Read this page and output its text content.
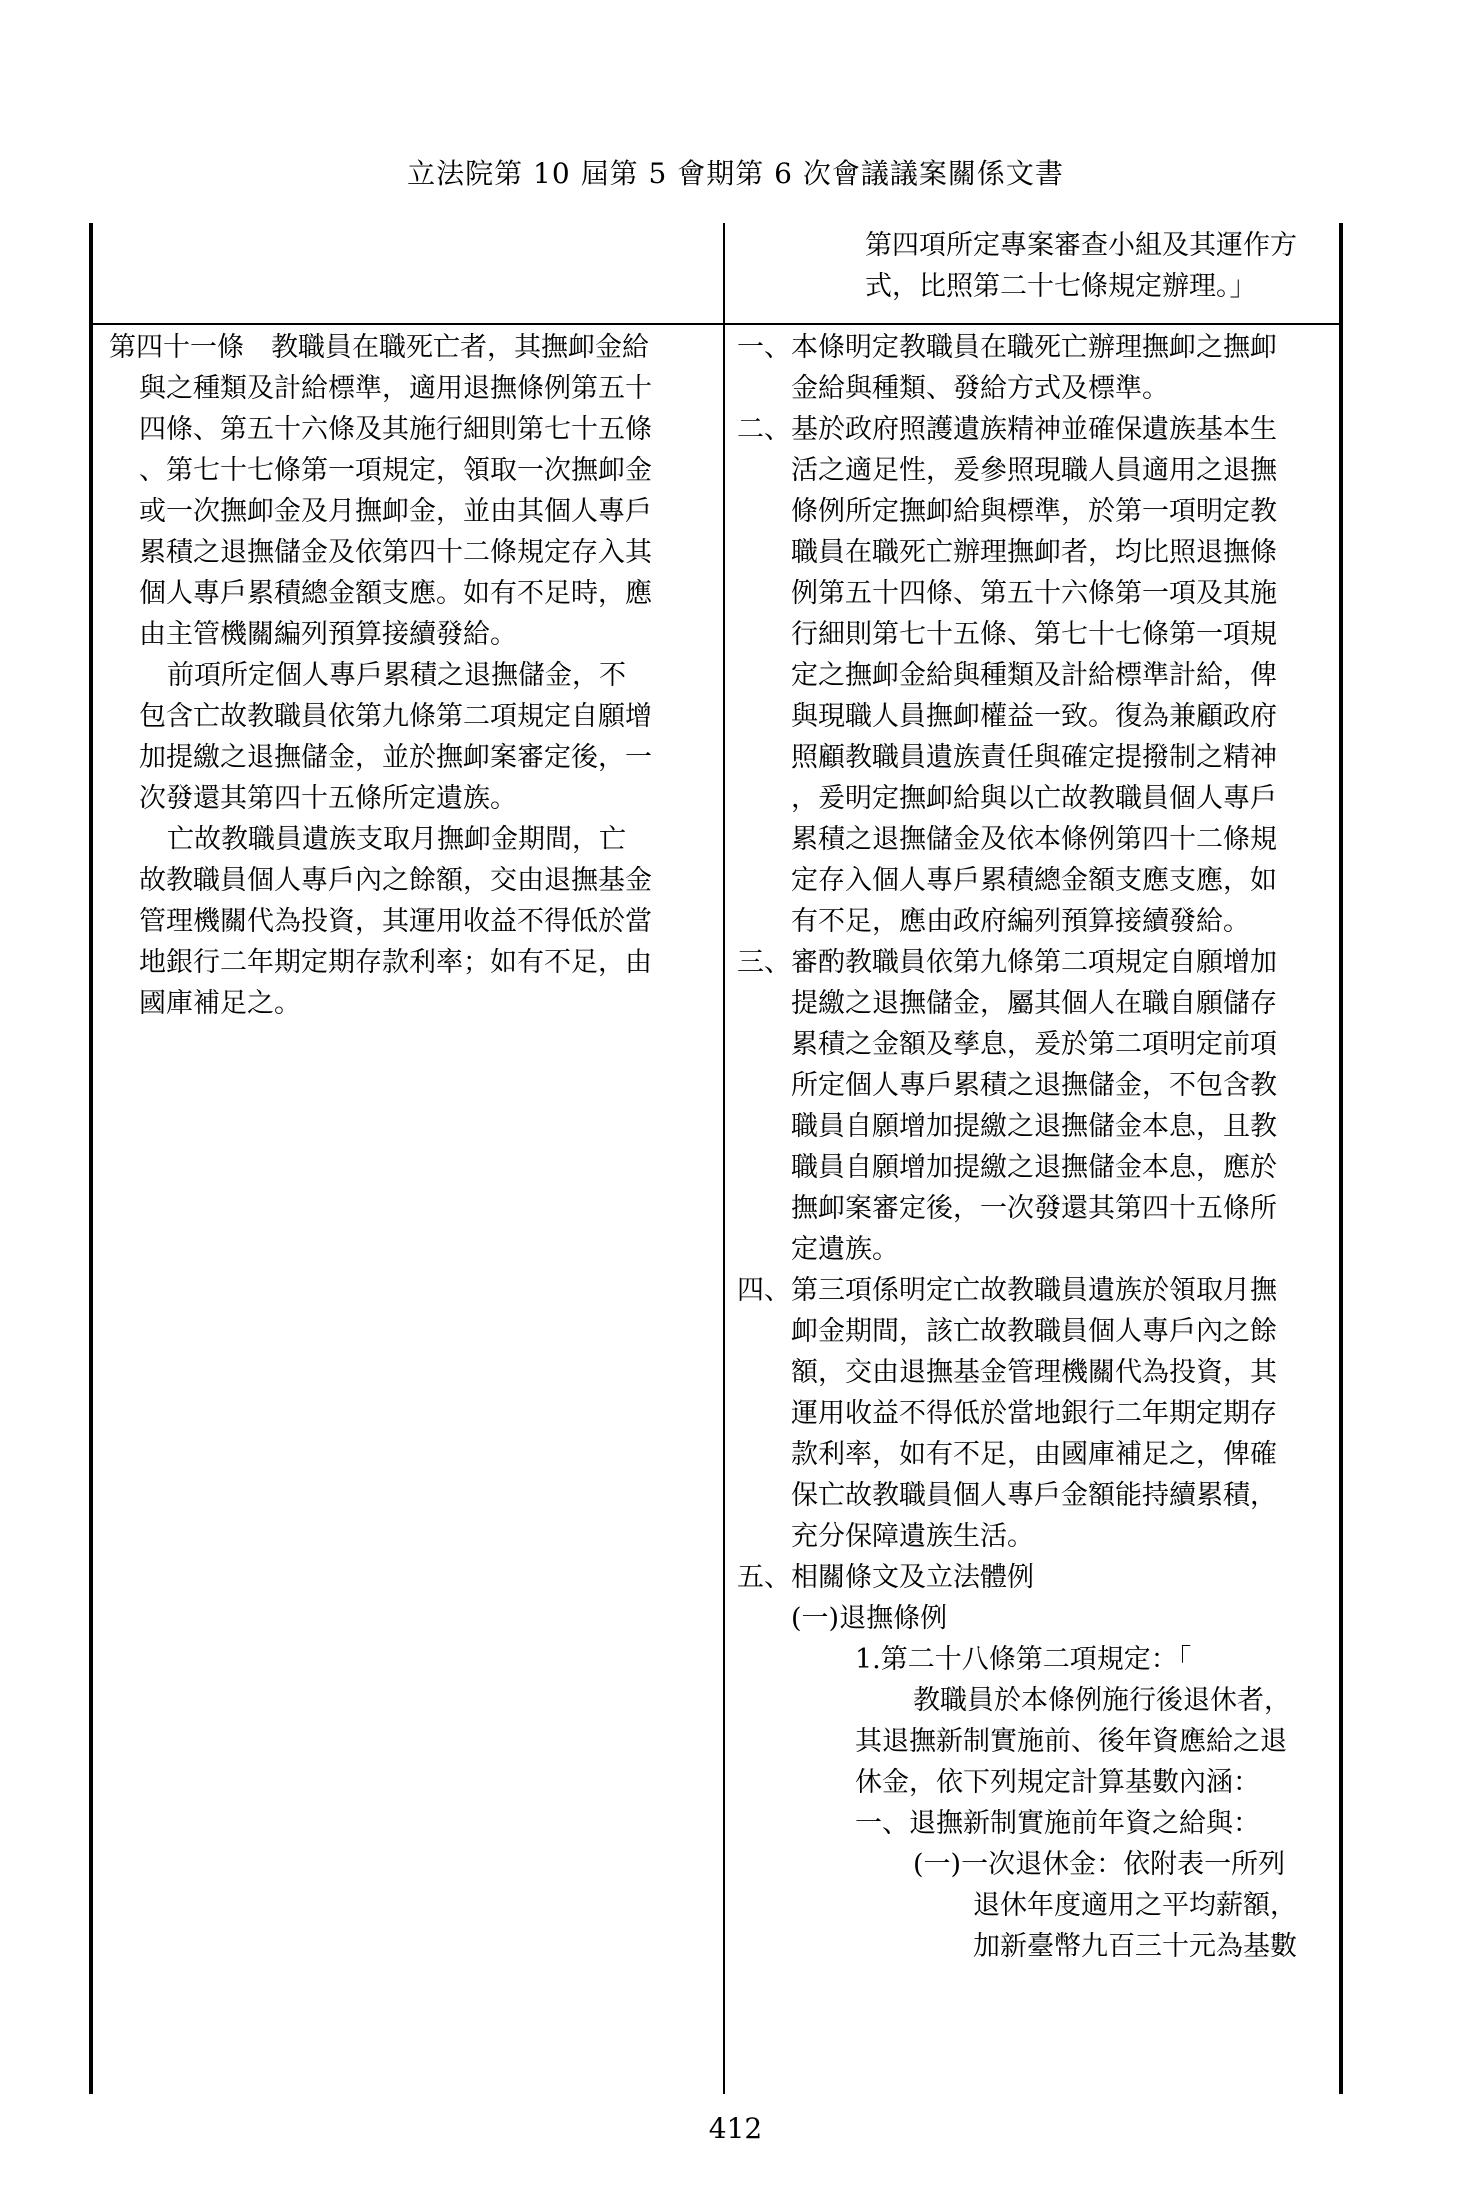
立法院第 10 屆第 5 會期第 6 次會議議案關係文書
第四項所定專案審查小組及其運作方
式，比照第二十七條規定辦理。」
第四十一條　教職員在職死亡者，其撫卹金給
與之種類及計給標準，適用退撫條例第五十
四條、第五十六條及其施行細則第七十五條
、第七十七條第一項規定，領取一次撫卹金
或一次撫卹金及月撫卹金，並由其個人專戶
累積之退撫儲金及依第四十二條規定存入其
個人專戶累積總金額支應。如有不足時，應
由主管機關編列預算接續發給。
前項所定個人專戶累積之退撫儲金，不
包含亡故教職員依第九條第二項規定自願增
加提繳之退撫儲金，並於撫卹案審定後，一
次發還其第四十五條所定遺族。
亡故教職員遺族支取月撫卹金期間，亡
故教職員個人專戶內之餘額，交由退撫基金
管理機關代為投資，其運用收益不得低於當
地銀行二年期定期存款利率；如有不足，由
國庫補足之。
一、本條明定教職員在職死亡辦理撫卹之撫卹
金給與種類、發給方式及標準。
二、基於政府照護遺族精神並確保遺族基本生
活之適足性，爰參照現職人員適用之退撫
條例所定撫卹給與標準，於第一項明定教
職員在職死亡辦理撫卹者，均比照退撫條
例第五十四條、第五十六條第一項及其施
行細則第七十五條、第七十七條第一項規
定之撫卹金給與種類及計給標準計給，俾
與現職人員撫卹權益一致。復為兼顧政府
照顧教職員遺族責任與確定提撥制之精神
，爰明定撫卹給與以亡故教職員個人專戶
累積之退撫儲金及依本條例第四十二條規
定存入個人專戶累積總金額支應支應，如
有不足，應由政府編列預算接續發給。
三、審酌教職員依第九條第二項規定自願增加
提繳之退撫儲金，屬其個人在職自願儲存
累積之金額及孳息，爰於第二項明定前項
所定個人專戶累積之退撫儲金，不包含教
職員自願增加提繳之退撫儲金本息，且教
職員自願增加提繳之退撫儲金本息，應於
撫卹案審定後，一次發還其第四十五條所
定遺族。
四、第三項係明定亡故教職員遺族於領取月撫
卹金期間，該亡故教職員個人專戶內之餘
額，交由退撫基金管理機關代為投資，其
運用收益不得低於當地銀行二年期定期存
款利率，如有不足，由國庫補足之，俾確
保亡故教職員個人專戶金額能持續累積，
充分保障遺族生活。
五、相關條文及立法體例
(一)退撫條例
1.第二十八條第二項規定：「
教職員於本條例施行後退休者，
其退撫新制實施前、後年資應給之退
休金，依下列規定計算基數內涵：
一、退撫新制實施前年資之給與：
(一)一次退休金：依附表一所列
退休年度適用之平均薪額，
加新臺幣九百三十元為基數
412
